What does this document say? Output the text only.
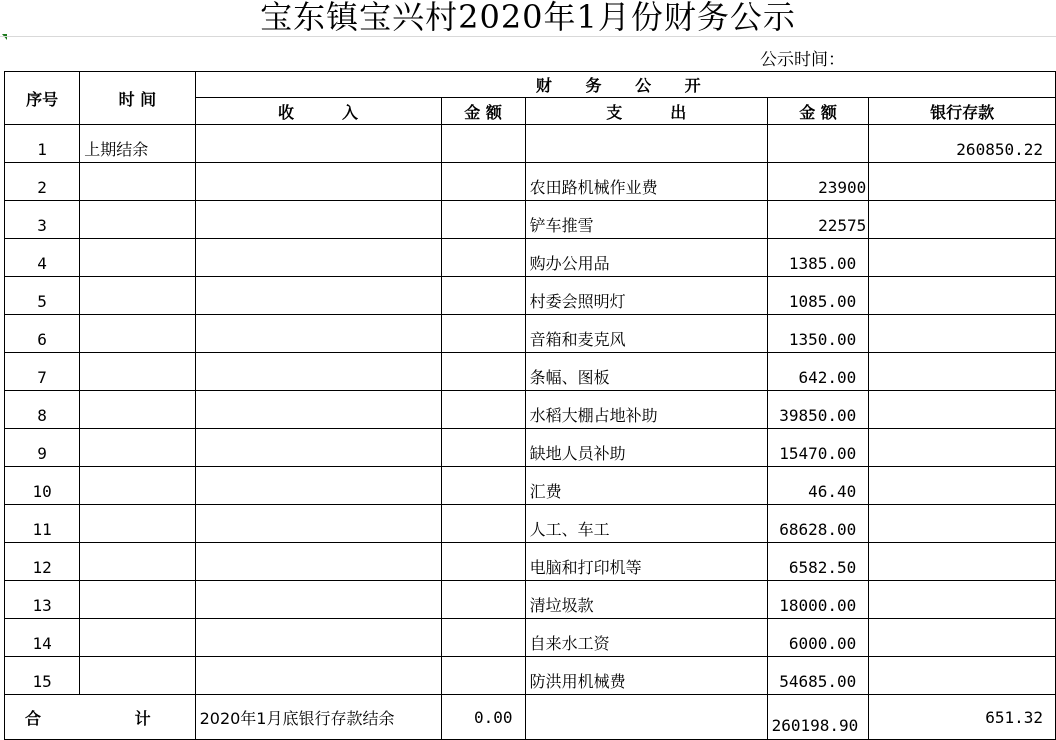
宝东镇宝兴村2020年1月份财务公示
公示时间：
序号	时 间	财 务 公 开				
		收　　　入	金 额	支　　　出	金 额	银行存款
1	上期结余					260850.22
2				农田路机械作业费	23900	
3				铲车推雪	22575	
4				购办公用品	1385.00	
5				村委会照明灯	1085.00	
6				音箱和麦克风	1350.00	
7				条幅、图板	642.00	
8				水稻大棚占地补助	39850.00	
9				缺地人员补助	15470.00	
10				汇费	46.40	
11				人工、车工	68628.00	
12				电脑和打印机等	6582.50	
13				清垃圾款	18000.00	
14				自来水工资	6000.00	
15				防洪用机械费	54685.00	
合 计		2020年1月底银行存款结余	0.00		260198.90	651.32
